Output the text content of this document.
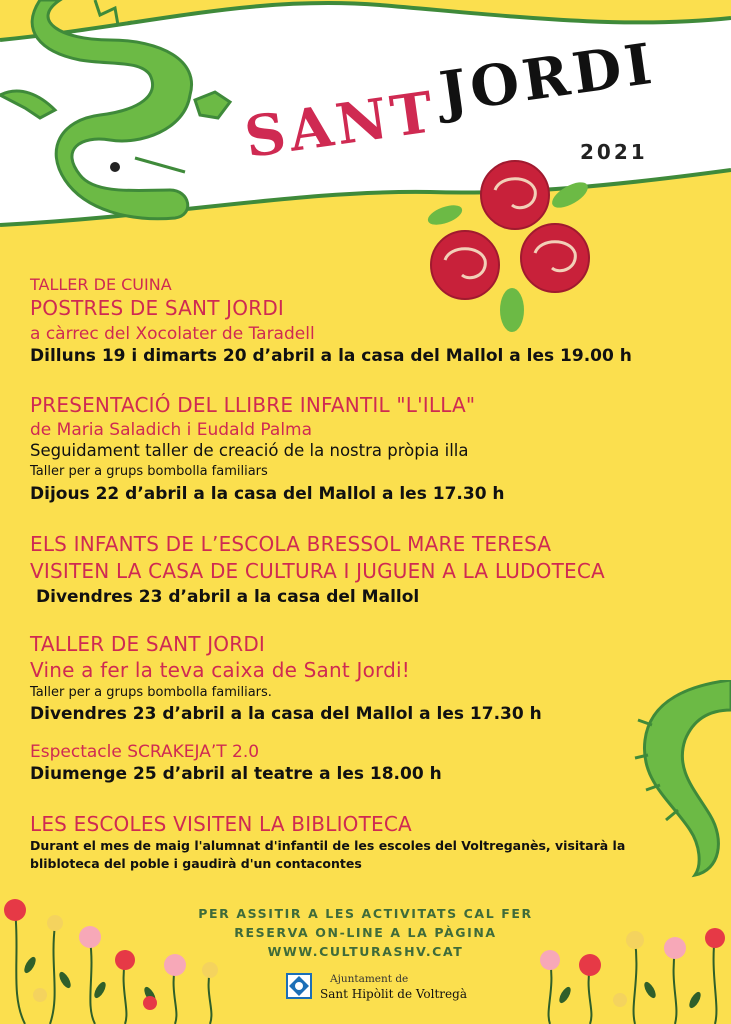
SANT
JORDI
2021
TALLER DE CUINA
POSTRES DE SANT JORDI
a càrrec del Xocolater de Taradell
Dilluns 19 i dimarts 20 d’abril a la casa del Mallol a les 19.00 h
PRESENTACIÓ DEL LLIBRE INFANTIL "L'ILLA"
de Maria Saladich i Eudald Palma
Seguidament taller de creació de la nostra pròpia illa
Taller per a grups bombolla familiars
Dijous 22 d’abril a la casa del Mallol a les 17.30 h
ELS INFANTS DE L’ESCOLA BRESSOL MARE TERESA
VISITEN LA CASA DE CULTURA I JUGUEN A LA LUDOTECA
Divendres 23 d’abril a la casa del Mallol
TALLER DE SANT JORDI
Vine a fer la teva caixa de Sant Jordi!
Taller per a grups bombolla familiars.
Divendres 23 d’abril a la casa del Mallol a les 17.30 h
Espectacle SCRAKEJA’T 2.0
Diumenge 25 d’abril al teatre a les 18.00 h
LES ESCOLES VISITEN LA BIBLIOTECA
Durant el mes de maig l'alumnat d'infantil de les escoles del Voltreganès, visitarà la
blibloteca del poble i gaudirà d'un contacontes
PER ASSITIR A LES ACTIVITATS CAL FER
RESERVA ON-LINE A LA PÀGINA
WWW.CULTURASHV.CAT
Ajuntament de
Sant Hipòlit de Voltregà
